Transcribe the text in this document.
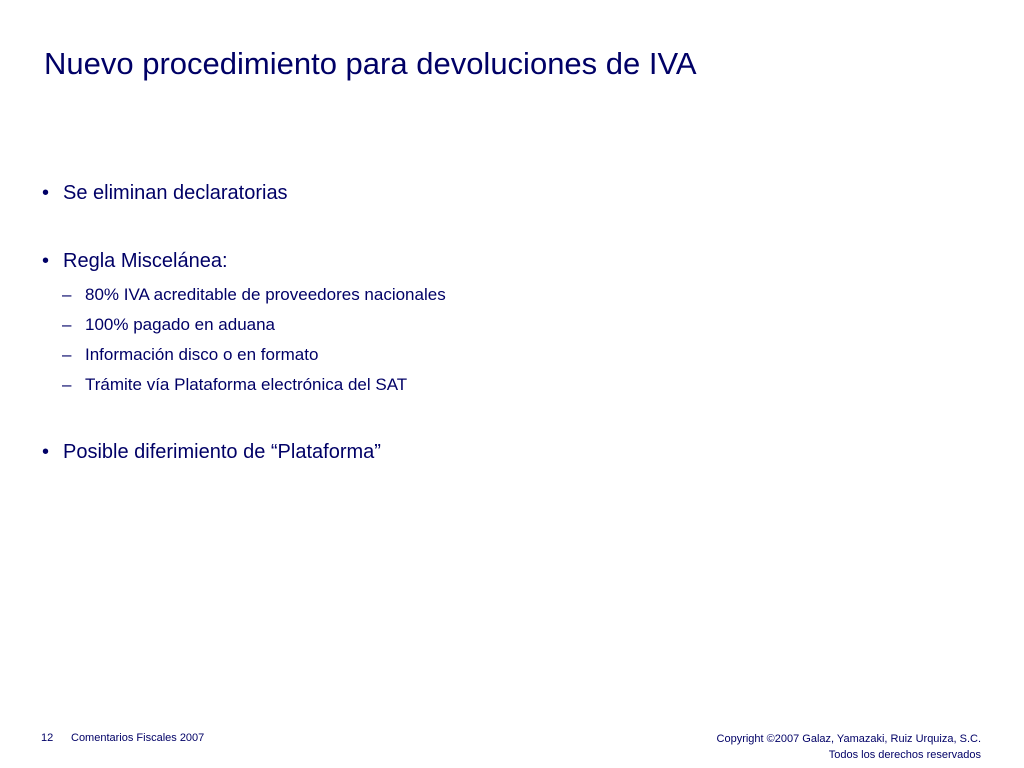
Nuevo procedimiento para devoluciones de IVA
• Se eliminan declaratorias
• Regla Miscelánea:
– 80% IVA acreditable de proveedores nacionales
– 100% pagado en aduana
– Información disco o en formato
– Trámite vía Plataforma electrónica del SAT
• Posible diferimiento de “Plataforma”
12 Comentarios Fiscales 2007	Copyright ©2007 Galaz, Yamazaki, Ruiz Urquiza, S.C.
Todos los derechos reservados
